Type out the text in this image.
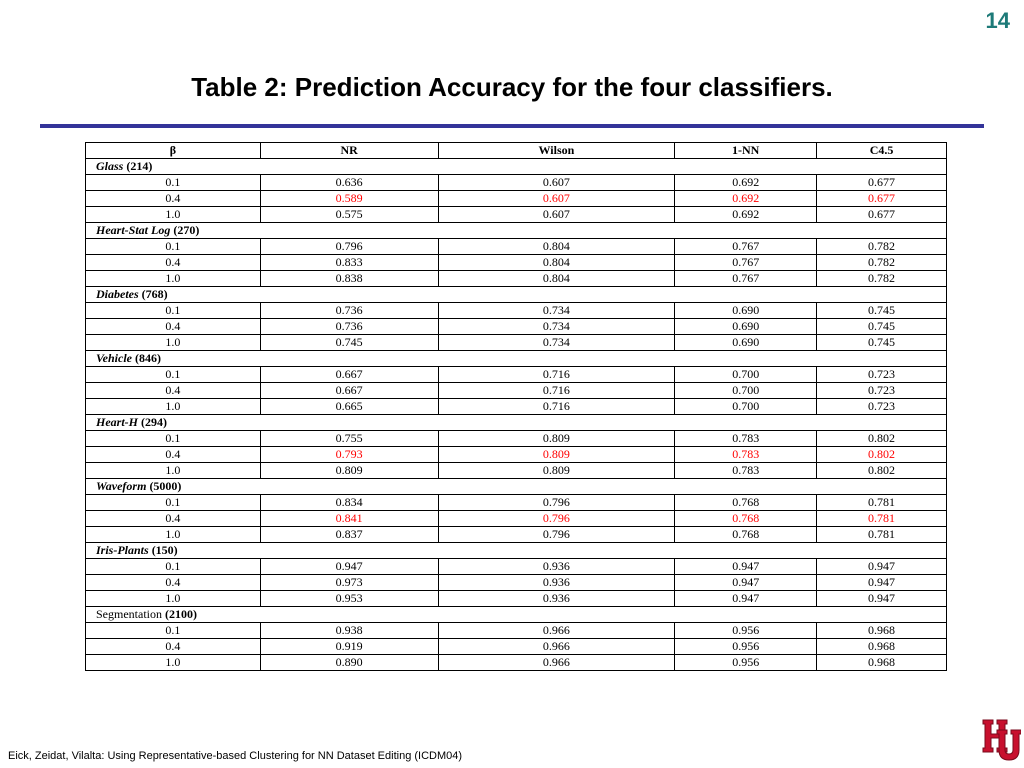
14
Table 2: Prediction Accuracy for the four classifiers.
β	NR	Wilson	1-NN	C4.5
Glass (214)				
0.1	0.636	0.607	0.692	0.677
0.4	0.589	0.607	0.692	0.677
1.0	0.575	0.607	0.692	0.677
Heart-Stat Log (270)				
0.1	0.796	0.804	0.767	0.782
0.4	0.833	0.804	0.767	0.782
1.0	0.838	0.804	0.767	0.782
Diabetes (768)				
0.1	0.736	0.734	0.690	0.745
0.4	0.736	0.734	0.690	0.745
1.0	0.745	0.734	0.690	0.745
Vehicle (846)				
0.1	0.667	0.716	0.700	0.723
0.4	0.667	0.716	0.700	0.723
1.0	0.665	0.716	0.700	0.723
Heart-H (294)				
0.1	0.755	0.809	0.783	0.802
0.4	0.793	0.809	0.783	0.802
1.0	0.809	0.809	0.783	0.802
Waveform (5000)				
0.1	0.834	0.796	0.768	0.781
0.4	0.841	0.796	0.768	0.781
1.0	0.837	0.796	0.768	0.781
Iris-Plants (150)				
0.1	0.947	0.936	0.947	0.947
0.4	0.973	0.936	0.947	0.947
1.0	0.953	0.936	0.947	0.947
Segmentation (2100)				
0.1	0.938	0.966	0.956	0.968
0.4	0.919	0.966	0.956	0.968
1.0	0.890	0.966	0.956	0.968
Eick, Zeidat, Vilalta: Using Representative-based Clustering for NN Dataset Editing (ICDM04)
